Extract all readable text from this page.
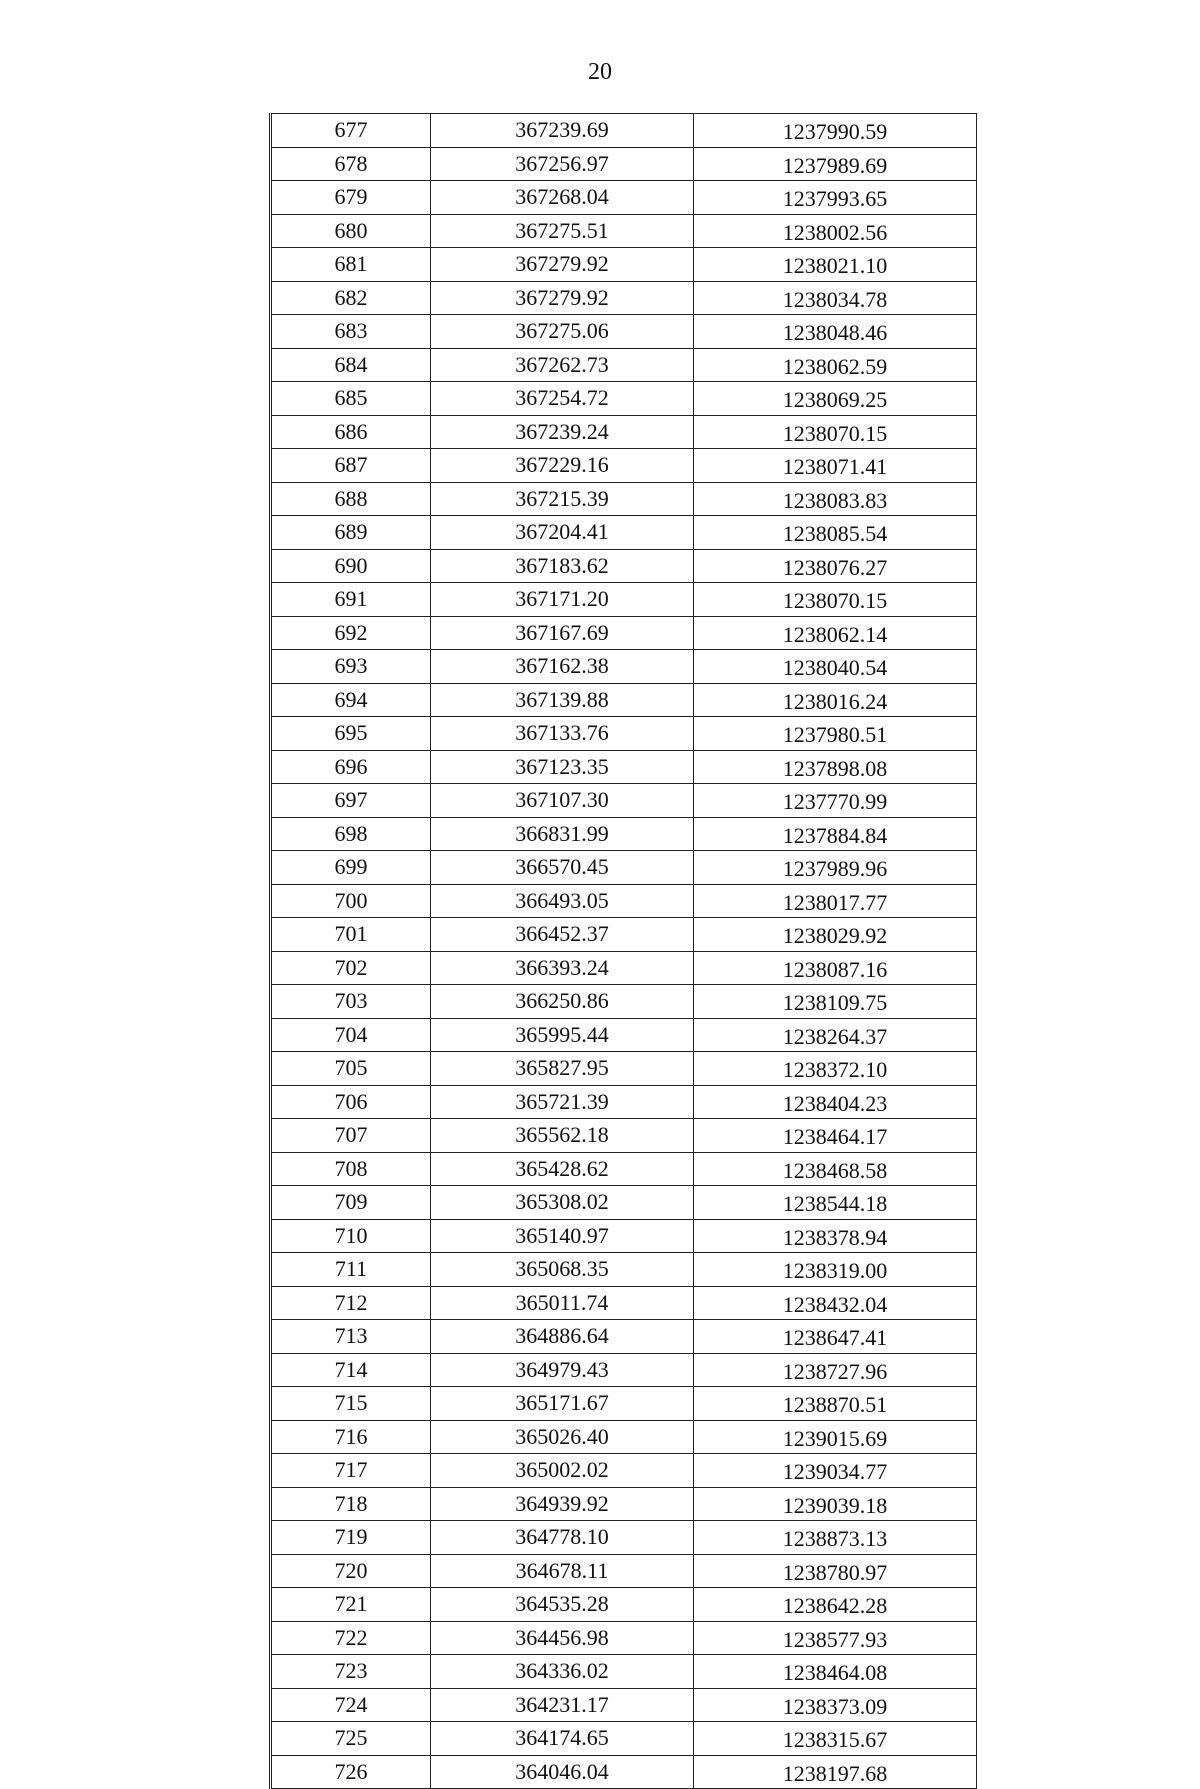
20
677	367239.69	1237990.59
678	367256.97	1237989.69
679	367268.04	1237993.65
680	367275.51	1238002.56
681	367279.92	1238021.10
682	367279.92	1238034.78
683	367275.06	1238048.46
684	367262.73	1238062.59
685	367254.72	1238069.25
686	367239.24	1238070.15
687	367229.16	1238071.41
688	367215.39	1238083.83
689	367204.41	1238085.54
690	367183.62	1238076.27
691	367171.20	1238070.15
692	367167.69	1238062.14
693	367162.38	1238040.54
694	367139.88	1238016.24
695	367133.76	1237980.51
696	367123.35	1237898.08
697	367107.30	1237770.99
698	366831.99	1237884.84
699	366570.45	1237989.96
700	366493.05	1238017.77
701	366452.37	1238029.92
702	366393.24	1238087.16
703	366250.86	1238109.75
704	365995.44	1238264.37
705	365827.95	1238372.10
706	365721.39	1238404.23
707	365562.18	1238464.17
708	365428.62	1238468.58
709	365308.02	1238544.18
710	365140.97	1238378.94
711	365068.35	1238319.00
712	365011.74	1238432.04
713	364886.64	1238647.41
714	364979.43	1238727.96
715	365171.67	1238870.51
716	365026.40	1239015.69
717	365002.02	1239034.77
718	364939.92	1239039.18
719	364778.10	1238873.13
720	364678.11	1238780.97
721	364535.28	1238642.28
722	364456.98	1238577.93
723	364336.02	1238464.08
724	364231.17	1238373.09
725	364174.65	1238315.67
726	364046.04	1238197.68
